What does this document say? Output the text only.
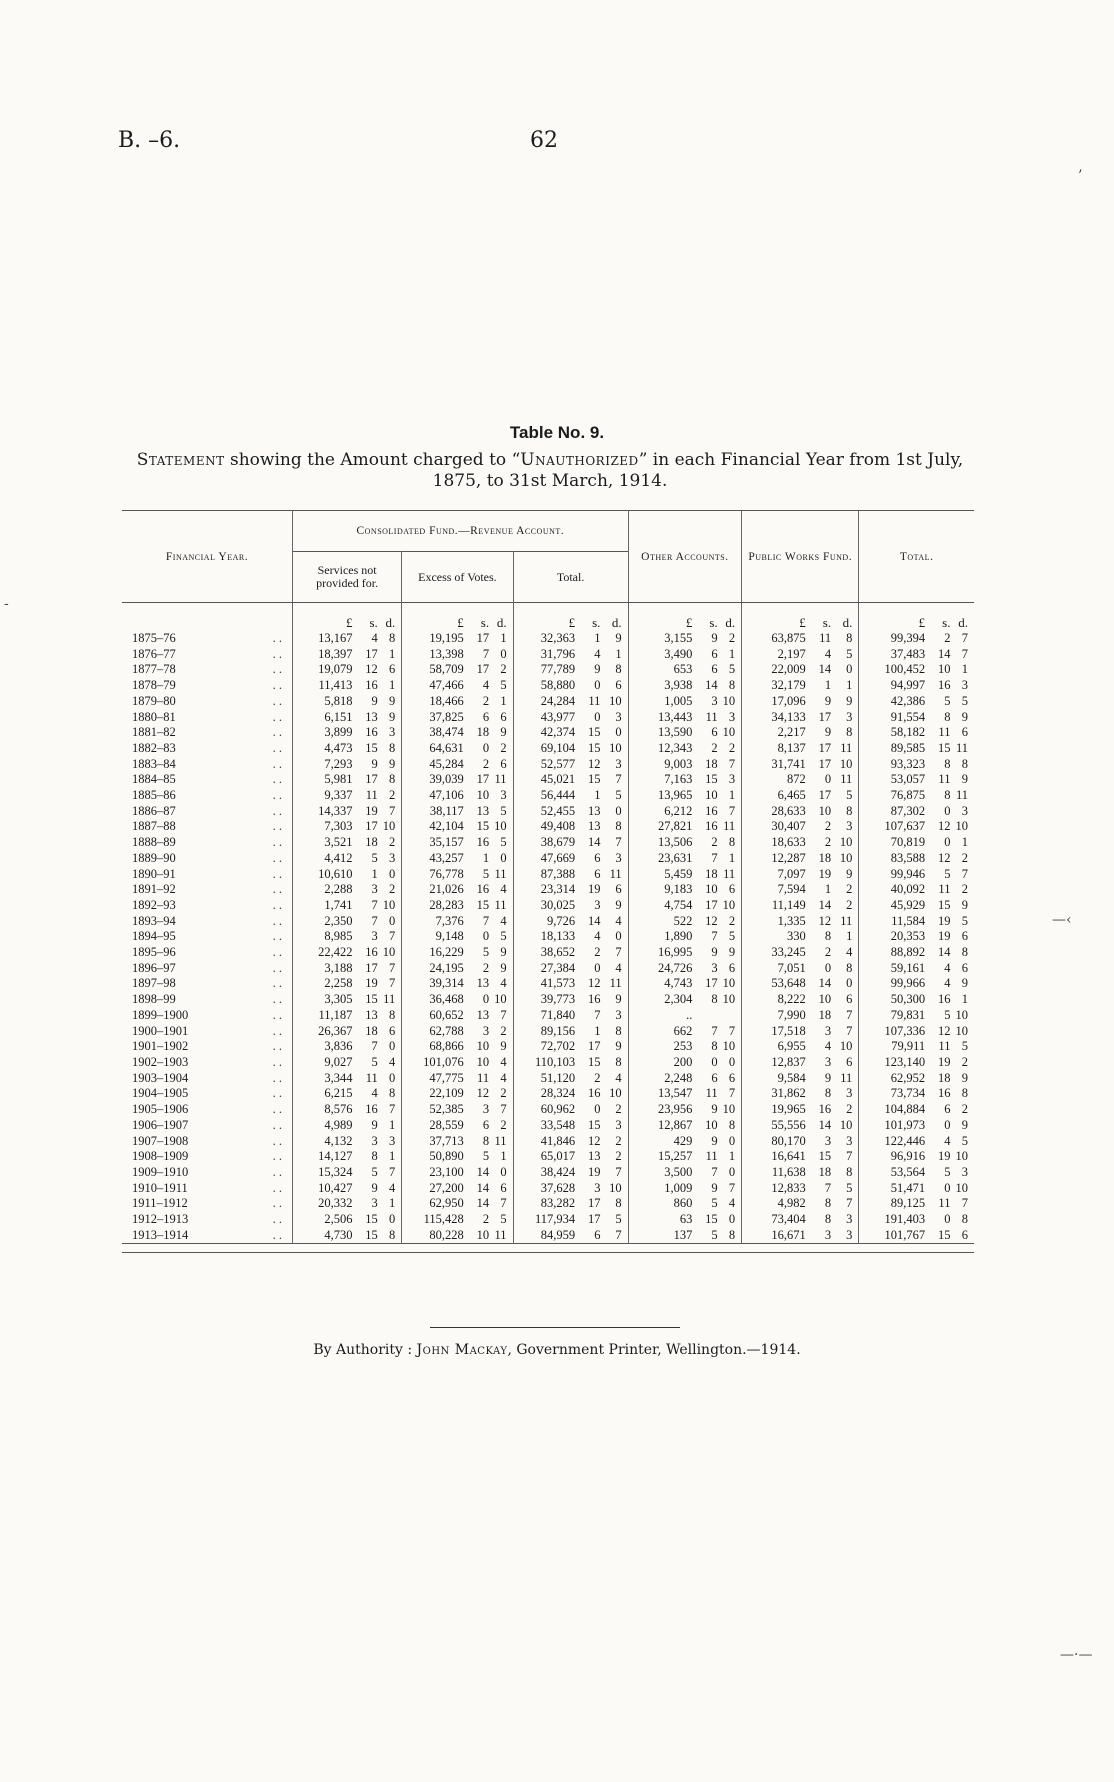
B. –6.	62
’
—‹
-
—·—
Table No. 9.
Statement showing the Amount charged to “Unauthorized” in each Financial Year from 1st July, 1875, to 31st March, 1914.
Financial Year.		Consolidated Fund.—Revenue Account.									Other Accounts.			Public Works Fund.			Total.		
		Services not provided for.			Excess of Votes.			Total.											
		£	s.	d.	£	s.	d.	£	s.	d.	£	s.	d.	£	s.	d.	£	s.	d.
1875–76	. .	13,167	4	8	19,195	17	1	32,363	1	9	3,155	9	2	63,875	11	8	99,394	2	7
1876–77	. .	18,397	17	1	13,398	7	0	31,796	4	1	3,490	6	1	2,197	4	5	37,483	14	7
1877–78	. .	19,079	12	6	58,709	17	2	77,789	9	8	653	6	5	22,009	14	0	100,452	10	1
1878–79	. .	11,413	16	1	47,466	4	5	58,880	0	6	3,938	14	8	32,179	1	1	94,997	16	3
1879–80	. .	5,818	9	9	18,466	2	1	24,284	11	10	1,005	3	10	17,096	9	9	42,386	5	5
1880–81	. .	6,151	13	9	37,825	6	6	43,977	0	3	13,443	11	3	34,133	17	3	91,554	8	9
1881–82	. .	3,899	16	3	38,474	18	9	42,374	15	0	13,590	6	10	2,217	9	8	58,182	11	6
1882–83	. .	4,473	15	8	64,631	0	2	69,104	15	10	12,343	2	2	8,137	17	11	89,585	15	11
1883–84	. .	7,293	9	9	45,284	2	6	52,577	12	3	9,003	18	7	31,741	17	10	93,323	8	8
1884–85	. .	5,981	17	8	39,039	17	11	45,021	15	7	7,163	15	3	872	0	11	53,057	11	9
1885–86	. .	9,337	11	2	47,106	10	3	56,444	1	5	13,965	10	1	6,465	17	5	76,875	8	11
1886–87	. .	14,337	19	7	38,117	13	5	52,455	13	0	6,212	16	7	28,633	10	8	87,302	0	3
1887–88	. .	7,303	17	10	42,104	15	10	49,408	13	8	27,821	16	11	30,407	2	3	107,637	12	10
1888–89	. .	3,521	18	2	35,157	16	5	38,679	14	7	13,506	2	8	18,633	2	10	70,819	0	1
1889–90	. .	4,412	5	3	43,257	1	0	47,669	6	3	23,631	7	1	12,287	18	10	83,588	12	2
1890–91	. .	10,610	1	0	76,778	5	11	87,388	6	11	5,459	18	11	7,097	19	9	99,946	5	7
1891–92	. .	2,288	3	2	21,026	16	4	23,314	19	6	9,183	10	6	7,594	1	2	40,092	11	2
1892–93	. .	1,741	7	10	28,283	15	11	30,025	3	9	4,754	17	10	11,149	14	2	45,929	15	9
1893–94	. .	2,350	7	0	7,376	7	4	9,726	14	4	522	12	2	1,335	12	11	11,584	19	5
1894–95	. .	8,985	3	7	9,148	0	5	18,133	4	0	1,890	7	5	330	8	1	20,353	19	6
1895–96	. .	22,422	16	10	16,229	5	9	38,652	2	7	16,995	9	9	33,245	2	4	88,892	14	8
1896–97	. .	3,188	17	7	24,195	2	9	27,384	0	4	24,726	3	6	7,051	0	8	59,161	4	6
1897–98	. .	2,258	19	7	39,314	13	4	41,573	12	11	4,743	17	10	53,648	14	0	99,966	4	9
1898–99	. .	3,305	15	11	36,468	0	10	39,773	16	9	2,304	8	10	8,222	10	6	50,300	16	1
1899–1900	. .	11,187	13	8	60,652	13	7	71,840	7	3	..			7,990	18	7	79,831	5	10
1900–1901	. .	26,367	18	6	62,788	3	2	89,156	1	8	662	7	7	17,518	3	7	107,336	12	10
1901–1902	. .	3,836	7	0	68,866	10	9	72,702	17	9	253	8	10	6,955	4	10	79,911	11	5
1902–1903	. .	9,027	5	4	101,076	10	4	110,103	15	8	200	0	0	12,837	3	6	123,140	19	2
1903–1904	. .	3,344	11	0	47,775	11	4	51,120	2	4	2,248	6	6	9,584	9	11	62,952	18	9
1904–1905	. .	6,215	4	8	22,109	12	2	28,324	16	10	13,547	11	7	31,862	8	3	73,734	16	8
1905–1906	. .	8,576	16	7	52,385	3	7	60,962	0	2	23,956	9	10	19,965	16	2	104,884	6	2
1906–1907	. .	4,989	9	1	28,559	6	2	33,548	15	3	12,867	10	8	55,556	14	10	101,973	0	9
1907–1908	. .	4,132	3	3	37,713	8	11	41,846	12	2	429	9	0	80,170	3	3	122,446	4	5
1908–1909	. .	14,127	8	1	50,890	5	1	65,017	13	2	15,257	11	1	16,641	15	7	96,916	19	10
1909–1910	. .	15,324	5	7	23,100	14	0	38,424	19	7	3,500	7	0	11,638	18	8	53,564	5	3
1910–1911	. .	10,427	9	4	27,200	14	6	37,628	3	10	1,009	9	7	12,833	7	5	51,471	0	10
1911–1912	. .	20,332	3	1	62,950	14	7	83,282	17	8	860	5	4	4,982	8	7	89,125	11	7
1912–1913	. .	2,506	15	0	115,428	2	5	117,934	17	5	63	15	0	73,404	8	3	191,403	0	8
1913–1914	. .	4,730	15	8	80,228	10	11	84,959	6	7	137	5	8	16,671	3	3	101,767	15	6

By Authority : John Mackay, Government Printer, Wellington.—1914.
